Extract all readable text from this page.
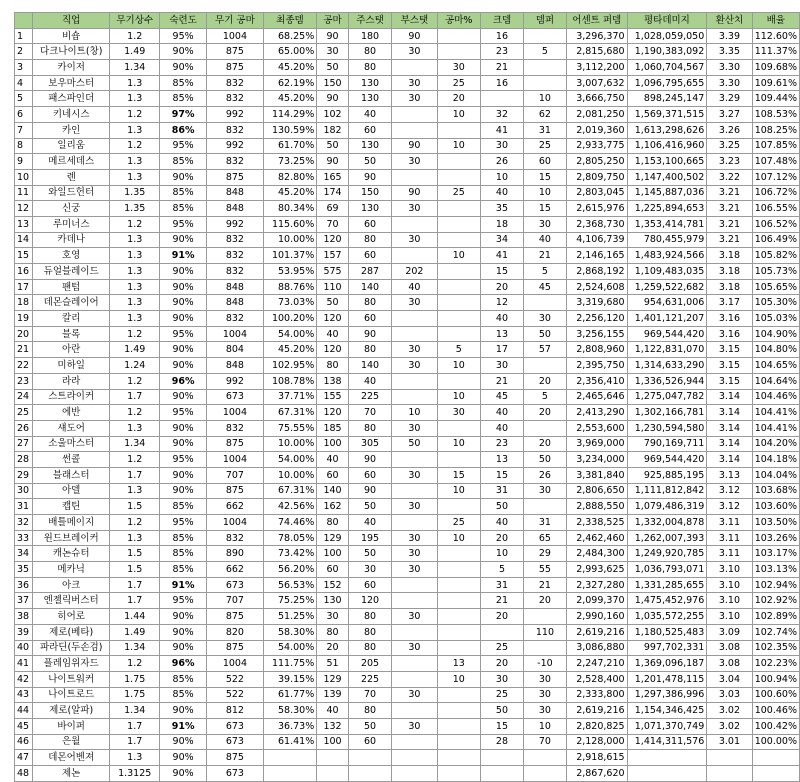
	직업	무기상수	숙련도	무기 공마	최종뎀	공마	주스탯	부스탯	공마%	크뎀	뎀퍼	어센트 퍼뎀	평타데미지	환산치	배율
1	비숍	1.2	95%	1004	68.25%	90	180	90		16		3,296,370	1,028,059,050	3.39	112.60%
2	다크나이트(창)	1.49	90%	875	65.00%	30	80	30		23	5	2,815,680	1,190,383,092	3.35	111.37%
3	카이저	1.34	90%	875	45.20%	50	80		30	21		3,112,200	1,060,704,567	3.30	109.68%
4	보우마스터	1.3	85%	832	62.19%	150	130	30	25	16		3,007,632	1,096,795,655	3.30	109.61%
5	패스파인더	1.3	85%	832	45.20%	90	130	30	20		10	3,666,750	898,245,147	3.29	109.44%
6	키네시스	1.2	97%	992	114.29%	102	40		10	32	62	2,081,250	1,569,371,515	3.27	108.53%
7	카인	1.3	86%	832	130.59%	182	60			41	31	2,019,360	1,613,298,626	3.26	108.25%
8	일리움	1.2	95%	992	61.70%	50	130	90	10	30	25	2,933,775	1,106,416,960	3.25	107.85%
9	메르세데스	1.3	85%	832	73.25%	90	50	30		26	60	2,805,250	1,153,100,665	3.23	107.48%
10	렌	1.3	90%	875	82.80%	165	90			10	15	2,809,750	1,147,400,502	3.22	107.12%
11	와일드헌터	1.35	85%	848	45.20%	174	150	90	25	40	10	2,803,045	1,145,887,036	3.21	106.72%
12	신궁	1.35	85%	848	80.34%	69	130	30		35	15	2,615,976	1,225,894,653	3.21	106.55%
13	루미너스	1.2	95%	992	115.60%	70	60			18	30	2,368,730	1,353,414,781	3.21	106.52%
14	카데나	1.3	90%	832	10.00%	120	80	30		34	40	4,106,739	780,455,979	3.21	106.49%
15	호영	1.3	91%	832	101.37%	157	60		10	41	21	2,146,165	1,483,924,566	3.18	105.82%
16	듀얼블레이드	1.3	90%	832	53.95%	575	287	202		15	5	2,868,192	1,109,483,035	3.18	105.73%
17	팬텀	1.3	90%	848	88.76%	110	140	40		20	45	2,524,608	1,259,522,682	3.18	105.65%
18	데몬슬레이어	1.3	90%	848	73.03%	50	80	30		12		3,319,680	954,631,006	3.17	105.30%
19	칼리	1.3	90%	832	100.20%	120	60			40	30	2,256,120	1,401,121,207	3.16	105.03%
20	블록	1.2	95%	1004	54.00%	40	90			13	50	3,256,155	969,544,420	3.16	104.90%
21	아란	1.49	90%	804	45.20%	120	80	30	5	17	57	2,808,960	1,122,831,070	3.15	104.80%
22	미하일	1.24	90%	848	102.95%	80	140	30	10	30		2,395,750	1,314,633,290	3.15	104.65%
23	라라	1.2	96%	992	108.78%	138	40			21	20	2,356,410	1,336,526,944	3.15	104.64%
24	스트라이커	1.7	90%	673	37.71%	155	225		10	45	5	2,465,646	1,275,047,782	3.14	104.46%
25	에반	1.2	95%	1004	67.31%	120	70	10	30	40	20	2,413,290	1,302,166,781	3.14	104.41%
26	섀도어	1.3	90%	832	75.55%	185	80	30		40		2,553,600	1,230,594,580	3.14	104.41%
27	소울마스터	1.34	90%	875	10.00%	100	305	50	10	23	20	3,969,000	790,169,711	3.14	104.20%
28	썬콜	1.2	95%	1004	54.00%	40	90			13	50	3,234,000	969,544,420	3.14	104.18%
29	블래스터	1.7	90%	707	10.00%	60	60	30	15	15	26	3,381,840	925,885,195	3.13	104.04%
30	아델	1.3	90%	875	67.31%	140	90		10	31	30	2,806,650	1,111,812,842	3.12	103.68%
31	캡틴	1.5	85%	662	42.56%	162	50	30		50		2,888,550	1,079,486,319	3.12	103.60%
32	배틀메이지	1.2	95%	1004	74.46%	80	40		25	40	31	2,338,525	1,332,004,878	3.11	103.50%
33	윈드브레이커	1.3	85%	832	78.05%	129	195	30	10	20	65	2,462,460	1,262,007,393	3.11	103.26%
34	캐논슈터	1.5	85%	890	73.42%	100	50	30		10	29	2,484,300	1,249,920,785	3.11	103.17%
35	메카닉	1.5	85%	662	56.20%	60	30	30		5	55	2,993,625	1,036,793,071	3.10	103.13%
36	아크	1.7	91%	673	56.53%	152	60			31	21	2,327,280	1,331,285,655	3.10	102.94%
37	엔젤릭버스터	1.7	95%	707	75.25%	130	120			21	20	2,099,370	1,475,452,976	3.10	102.92%
38	히어로	1.44	90%	875	51.25%	30	80	30		20		2,990,160	1,035,572,255	3.10	102.89%
39	제로(베타)	1.49	90%	820	58.30%	80	80				110	2,619,216	1,180,525,483	3.09	102.74%
40	파라딘(두손검)	1.34	90%	875	54.00%	20	80	30		25		3,086,880	997,702,331	3.08	102.35%
41	플레임위자드	1.2	96%	1004	111.75%	51	205		13	20	-10	2,247,210	1,369,096,187	3.08	102.23%
42	나이트워커	1.75	85%	522	39.15%	129	225		10	30	30	2,528,400	1,201,478,115	3.04	100.94%
43	나이트로드	1.75	85%	522	61.77%	139	70	30		25	30	2,333,800	1,297,386,996	3.03	100.60%
44	제로(알파)	1.34	90%	812	58.30%	40	80			50	30	2,619,216	1,154,346,425	3.02	100.46%
45	바이퍼	1.7	91%	673	36.73%	132	50	30		15	10	2,820,825	1,071,370,749	3.02	100.42%
46	은월	1.7	90%	673	61.41%	100	60			28	70	2,128,000	1,414,311,576	3.01	100.00%
47	데몬어벤져	1.3	90%	875								2,918,615			
48	제논	1.3125	90%	673								2,867,620			
